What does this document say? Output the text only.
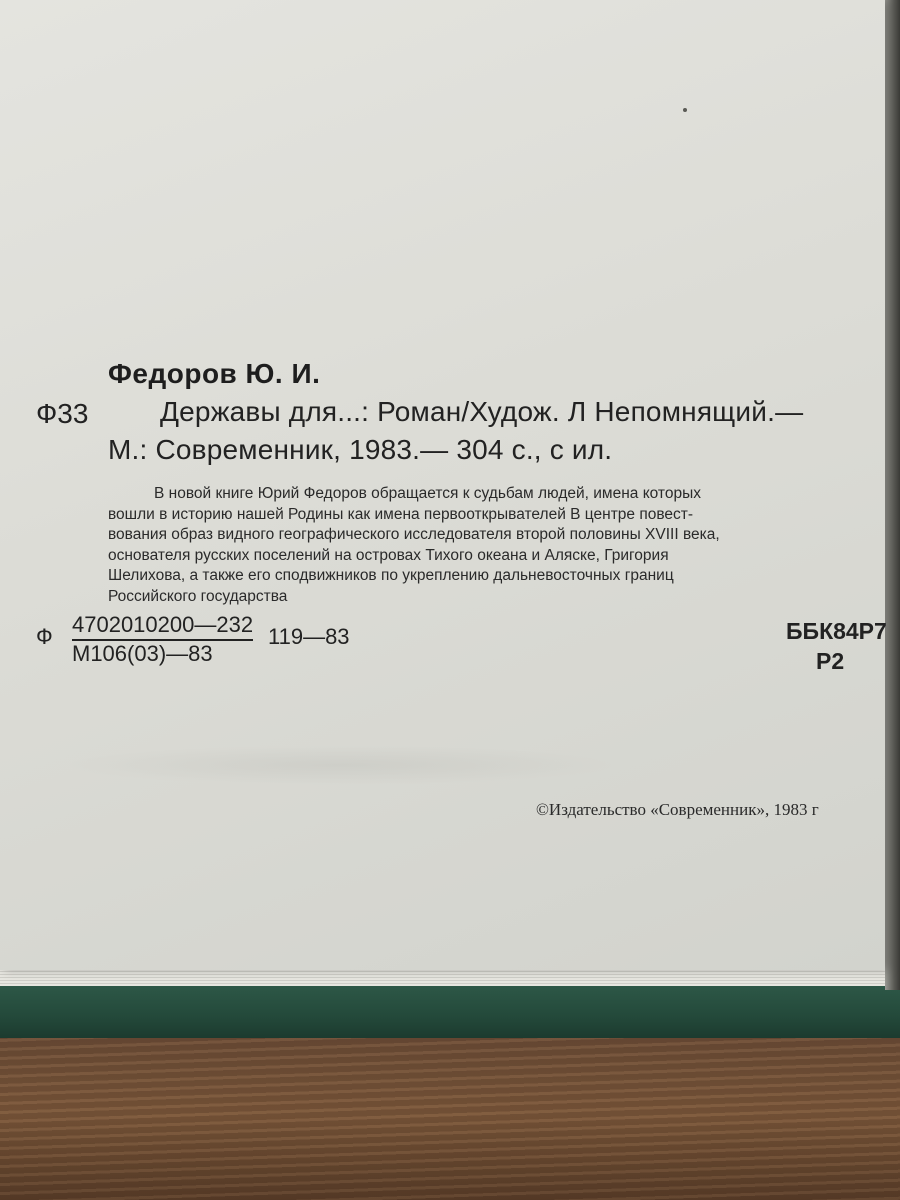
Федоров Ю. И.
Ф33	Державы для...: Роман/Худож. Л Непомнящий.—
М.: Современник, 1983.— 304 с., с ил.
В новой книге Юрий Федоров обращается к судьбам людей, имена которых
вошли в историю нашей Родины как имена первооткрывателей В центре повест-
вования образ видного географического исследователя второй половины XVIII века,
основателя русских поселений на островах Тихого океана и Аляске, Григория
Шелихова, а также его сподвижников по укреплению дальневосточных границ
Российского государства
Ф 4702010200—232
М106(03)—83
119—83	ББК84Р7
Р2
©Издательство «Современник», 1983 г
